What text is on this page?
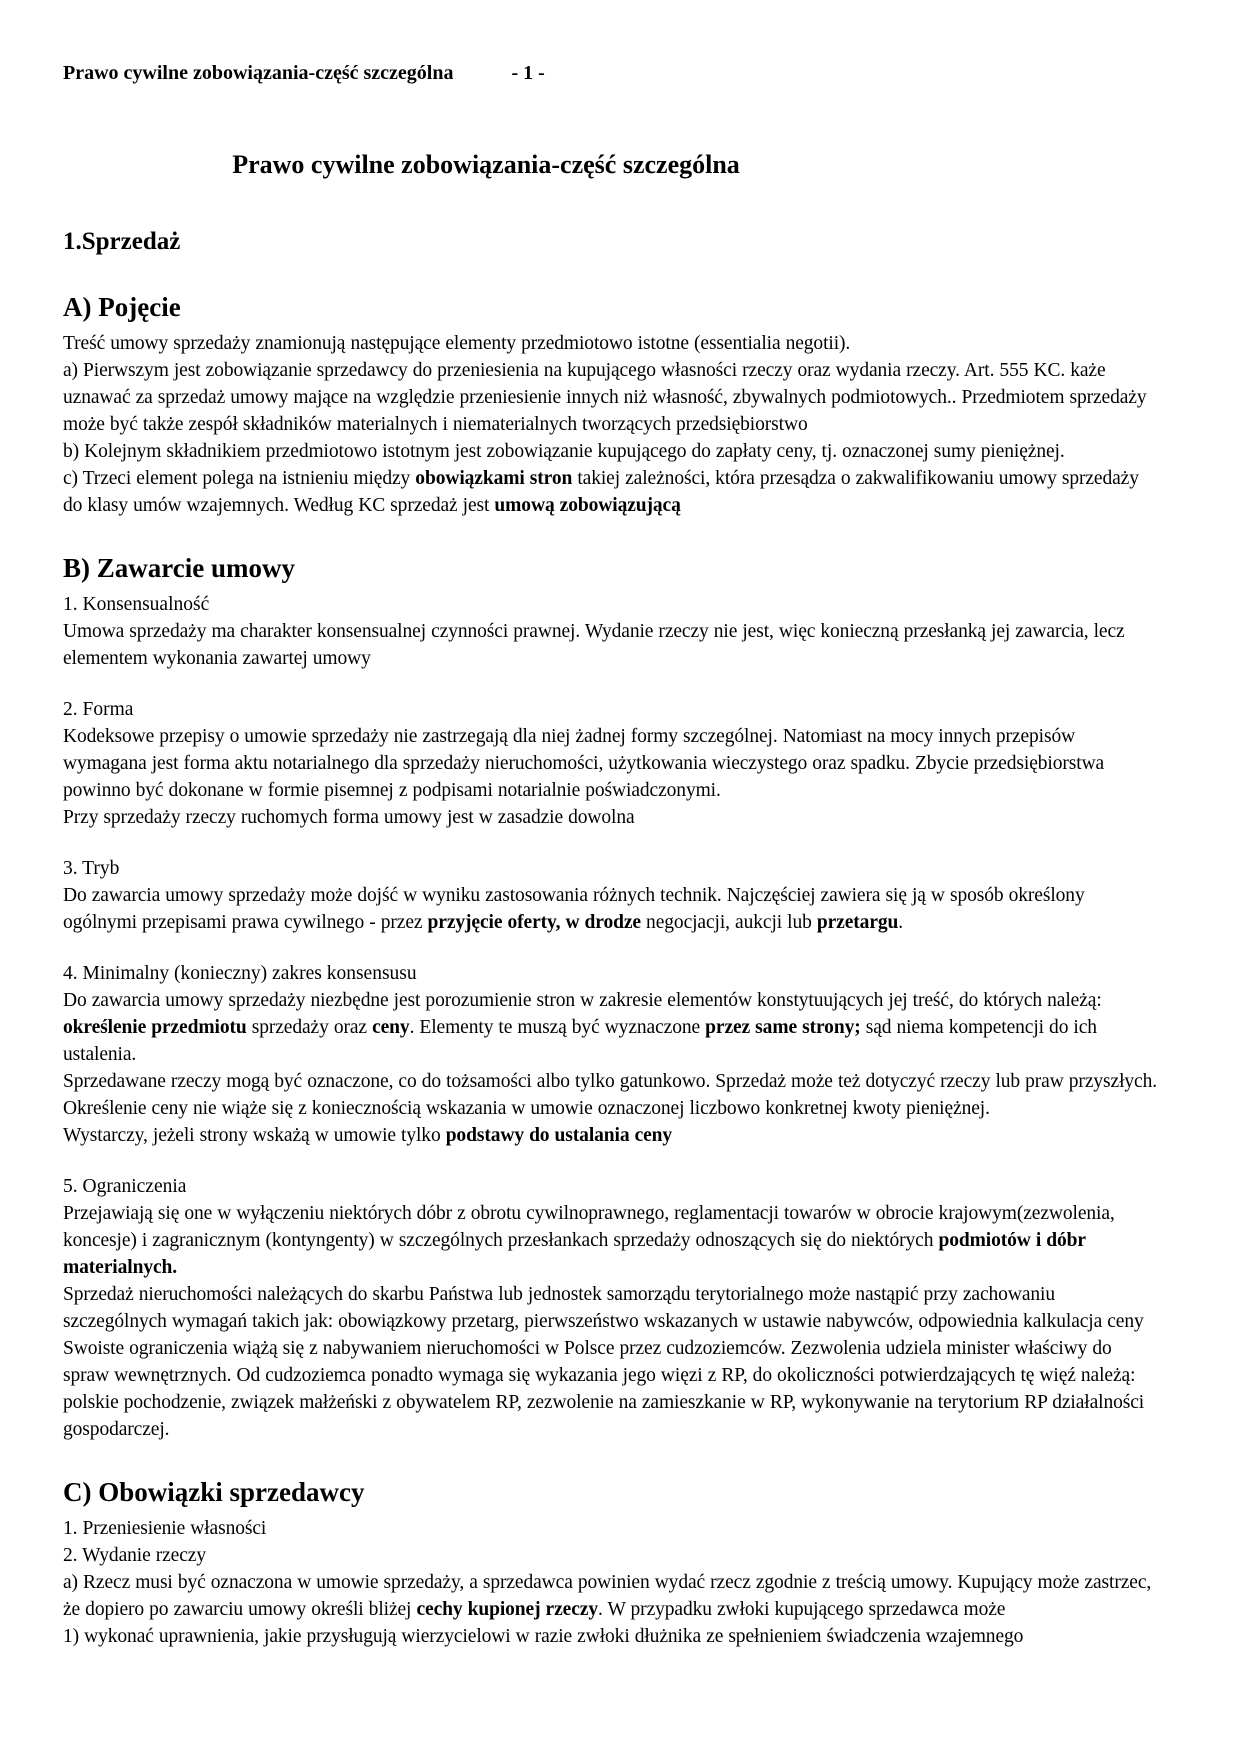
Prawo cywilne zobowiązania-część szczególna	- 1 -
Prawo cywilne zobowiązania-część szczególna
1.Sprzedaż
A) Pojęcie

Treść umowy sprzedaży znamionują następujące elementy przedmiotowo istotne (essentialia negotii).

a) Pierwszym jest zobowiązanie sprzedawcy do przeniesienia na kupującego własności rzeczy oraz wydania rzeczy. Art. 555 KC. każe uznawać za sprzedaż umowy mające na względzie przeniesienie innych niż własność, zbywalnych podmiotowych.. Przedmiotem sprzedaży może być także zespół składników materialnych i niematerialnych tworzących przedsiębiorstwo

b) Kolejnym składnikiem przedmiotowo istotnym jest zobowiązanie kupującego do zapłaty ceny, tj. oznaczonej sumy pieniężnej.

c) Trzeci element polega na istnieniu między obowiązkami stron takiej zależności, która przesądza o zakwalifikowaniu umowy sprzedaży do klasy umów wzajemnych. Według KC sprzedaż jest umową zobowiązującą

B) Zawarcie umowy
1. Konsensualność

Umowa sprzedaży ma charakter konsensualnej czynności prawnej. Wydanie rzeczy nie jest, więc konieczną przesłanką jej zawarcia, lecz elementem wykonania zawartej umowy

2. Forma

Kodeksowe przepisy o umowie sprzedaży nie zastrzegają dla niej żadnej formy szczególnej. Natomiast na mocy innych przepisów wymagana jest forma aktu notarialnego dla sprzedaży nieruchomości, użytkowania wieczystego oraz spadku. Zbycie przedsiębiorstwa powinno być dokonane w formie pisemnej z podpisami notarialnie poświadczonymi.

Przy sprzedaży rzeczy ruchomych forma umowy jest w zasadzie dowolna

3. Tryb

Do zawarcia umowy sprzedaży może dojść w wyniku zastosowania różnych technik. Najczęściej zawiera się ją w sposób określony ogólnymi przepisami prawa cywilnego - przez przyjęcie oferty, w drodze negocjacji, aukcji lub przetargu.

4. Minimalny (konieczny) zakres konsensusu

Do zawarcia umowy sprzedaży niezbędne jest porozumienie stron w zakresie elementów konstytuujących jej treść, do których należą: określenie przedmiotu sprzedaży oraz ceny. Elementy te muszą być wyznaczone przez same strony; sąd niema kompetencji do ich ustalenia.

Sprzedawane rzeczy mogą być oznaczone, co do tożsamości albo tylko gatunkowo. Sprzedaż może też dotyczyć rzeczy lub praw przyszłych.

Określenie ceny nie wiąże się z koniecznością wskazania w umowie oznaczonej liczbowo konkretnej kwoty pieniężnej.

Wystarczy, jeżeli strony wskażą w umowie tylko podstawy do ustalania ceny

5. Ograniczenia

Przejawiają się one w wyłączeniu niektórych dóbr z obrotu cywilnoprawnego, reglamentacji towarów w obrocie krajowym(zezwolenia, koncesje) i zagranicznym (kontyngenty) w szczególnych przesłankach sprzedaży odnoszących się do niektórych podmiotów i dóbr materialnych.

Sprzedaż nieruchomości należących do skarbu Państwa lub jednostek samorządu terytorialnego może nastąpić przy zachowaniu szczególnych wymagań takich jak: obowiązkowy przetarg, pierwszeństwo wskazanych w ustawie nabywców, odpowiednia kalkulacja ceny

Swoiste ograniczenia wiążą się z nabywaniem nieruchomości w Polsce przez cudzoziemców. Zezwolenia udziela minister właściwy do spraw wewnętrznych. Od cudzoziemca ponadto wymaga się wykazania jego więzi z RP, do okoliczności potwierdzających tę więź należą: polskie pochodzenie, związek małżeński z obywatelem RP, zezwolenie na zamieszkanie w RP, wykonywanie na terytorium RP działalności gospodarczej.

C) Obowiązki sprzedawcy

1. Przeniesienie własności

2. Wydanie rzeczy

a) Rzecz musi być oznaczona w umowie sprzedaży, a sprzedawca powinien wydać rzecz zgodnie z treścią umowy. Kupujący może zastrzec, że dopiero po zawarciu umowy określi bliżej cechy kupionej rzeczy. W przypadku zwłoki kupującego sprzedawca może

1) wykonać uprawnienia, jakie przysługują wierzycielowi w razie zwłoki dłużnika ze spełnieniem świadczenia wzajemnego
